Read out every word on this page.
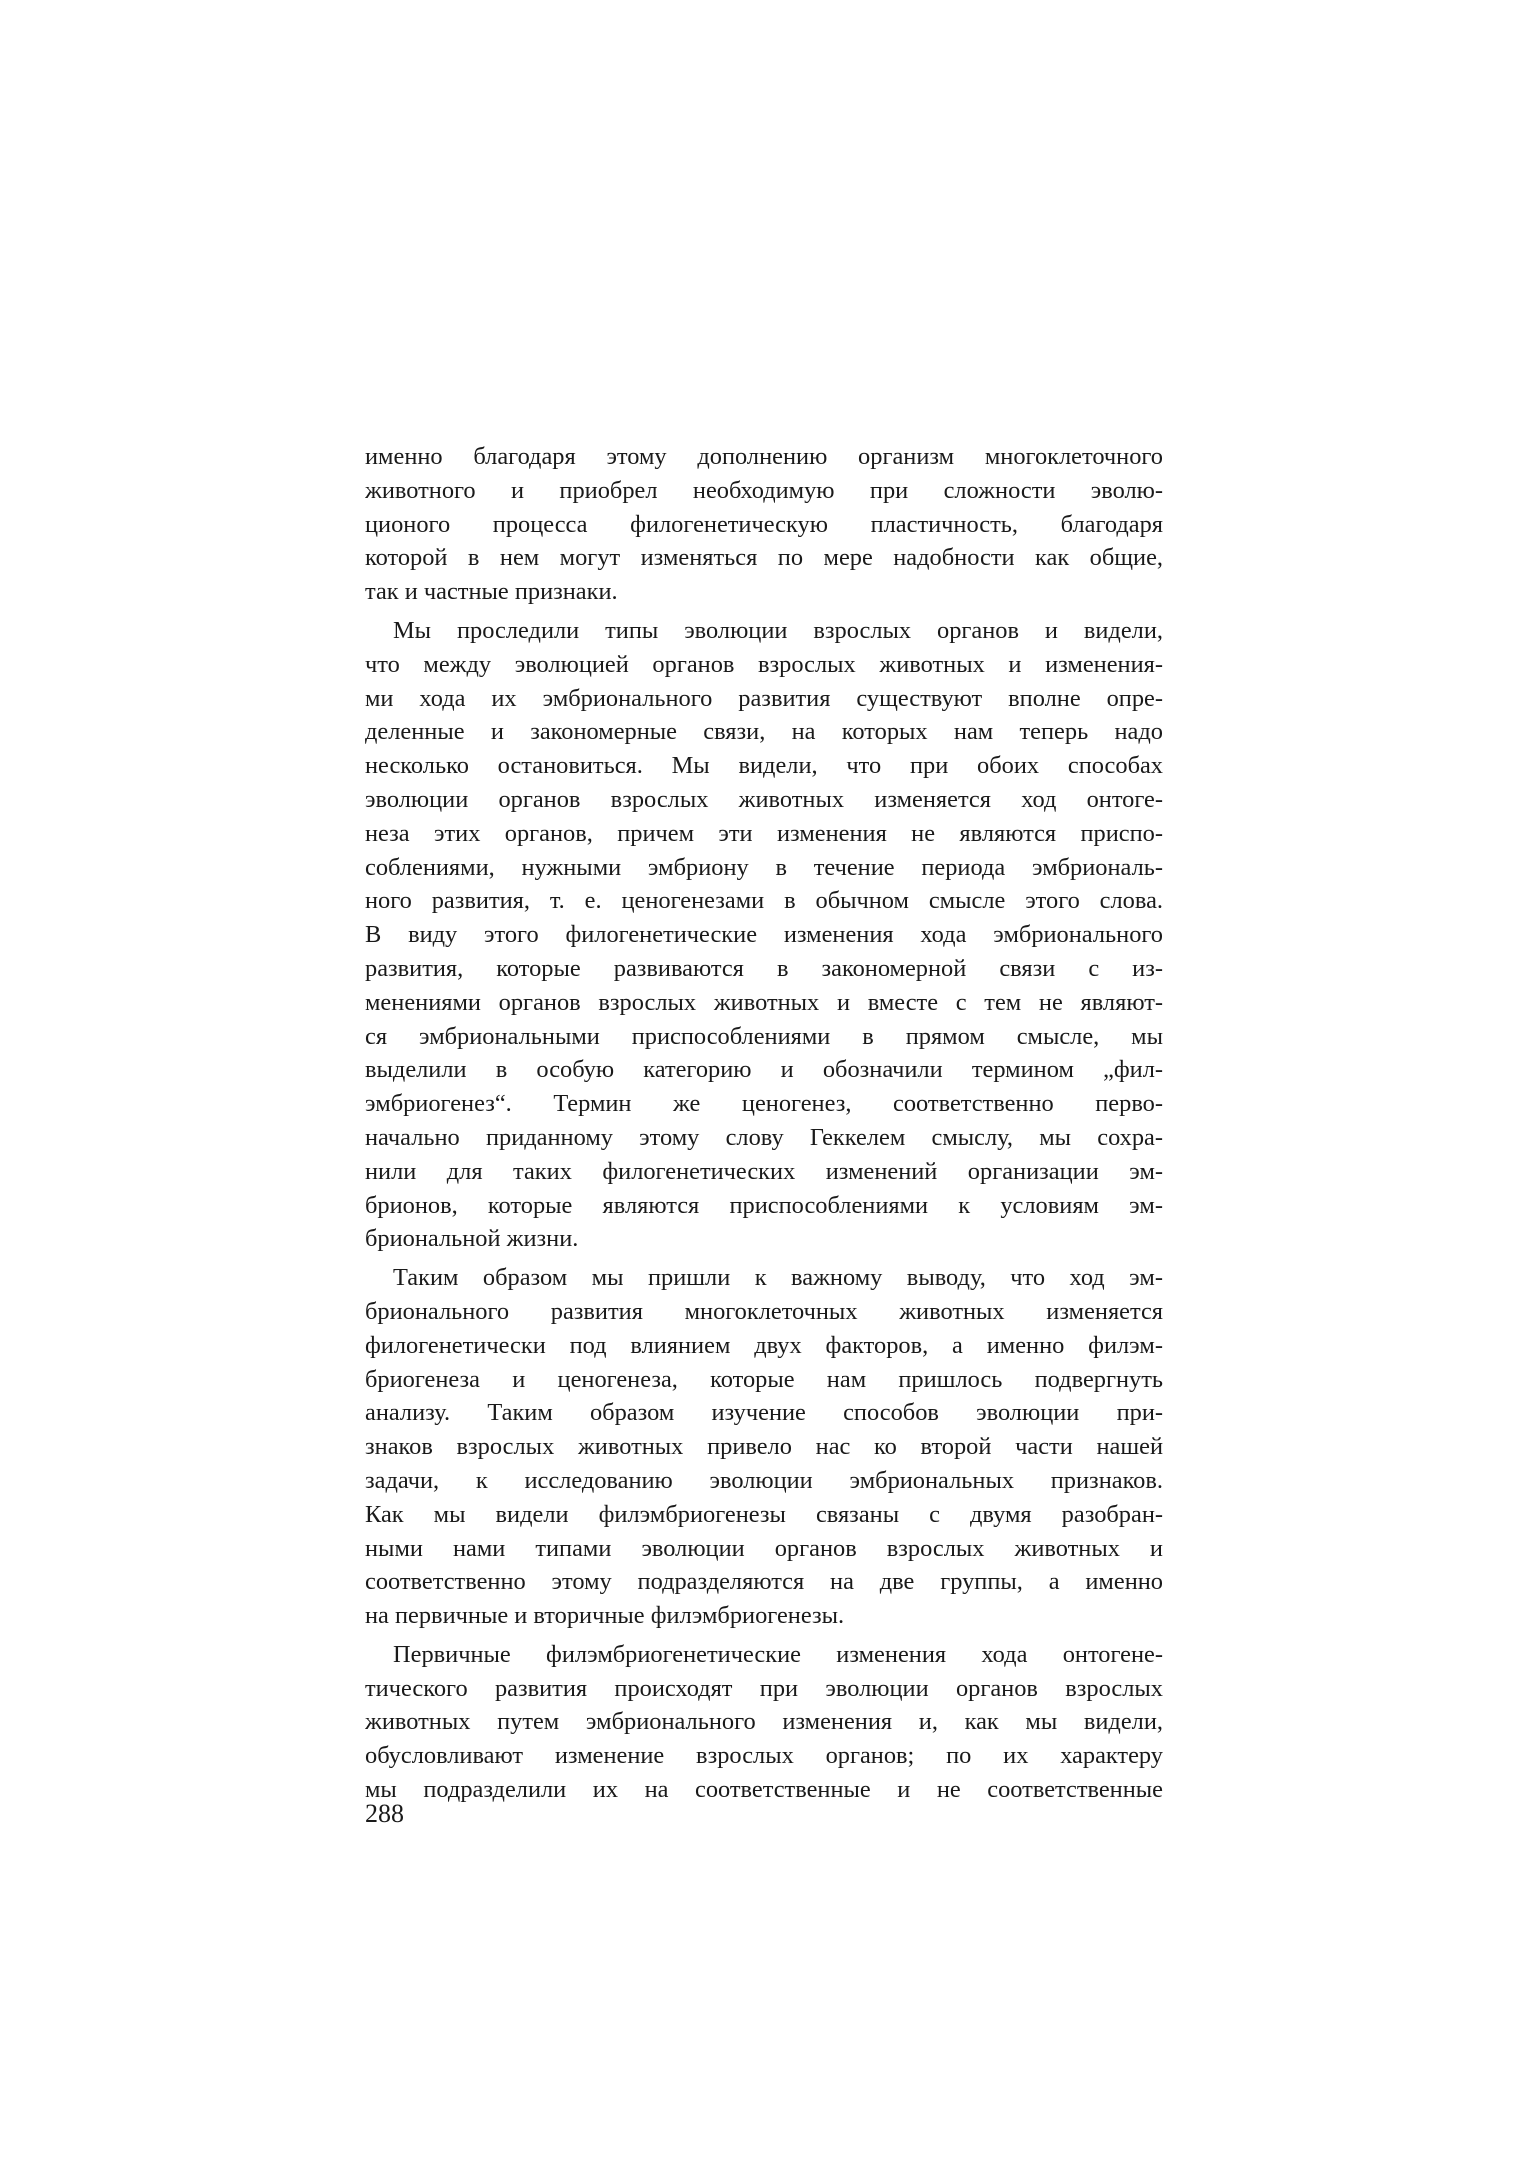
именно благодаря этому дополнению организм многоклеточного
животного и приобрел необходимую при сложности эволю-
ционого процесса филогенетическую пластичность, благодаря
которой в нем могут изменяться по мере надобности как общие,
так и частные признаки.
Мы проследили типы эволюции взрослых органов и видели,
что между эволюцией органов взрослых животных и изменения-
ми хода их эмбрионального развития существуют вполне опре-
деленные и закономерные связи, на которых нам теперь надо
несколько остановиться. Мы видели, что при обоих способах
эволюции органов взрослых животных изменяется ход онтоге-
неза этих органов, причем эти изменения не являются приспо-
соблениями, нужными эмбриону в течение периода эмбриональ-
ного развития, т. е. ценогенезами в обычном смысле этого слова.
В виду этого филогенетические изменения хода эмбрионального
развития, которые развиваются в закономерной связи с из-
менениями органов взрослых животных и вместе с тем не являют-
ся эмбриональными приспособлениями в прямом смысле, мы
выделили в особую категорию и обозначили термином „фил-
эмбриогенез“. Термин же ценогенез, соответственно перво-
начально приданному этому слову Геккелем смыслу, мы сохра-
нили для таких филогенетических изменений организации эм-
брионов, которые являются приспособлениями к условиям эм-
бриональной жизни.
Таким образом мы пришли к важному выводу, что ход эм-
брионального развития многоклеточных животных изменяется
филогенетически под влиянием двух факторов, а именно филэм-
бриогенеза и ценогенеза, которые нам пришлось подвергнуть
анализу. Таким образом изучение способов эволюции при-
знаков взрослых животных привело нас ко второй части нашей
задачи, к исследованию эволюции эмбриональных признаков.
Как мы видели филэмбриогенезы связаны с двумя разобран-
ными нами типами эволюции органов взрослых животных и
соответственно этому подразделяются на две группы, а именно
на первичные и вторичные филэмбриогенезы.
Первичные филэмбриогенетические изменения хода онтогене-
тического развития происходят при эволюции органов взрослых
животных путем эмбрионального изменения и, как мы видели,
обусловливают изменение взрослых органов; по их характеру
мы подразделили их на соответственные и не соответственные
288
